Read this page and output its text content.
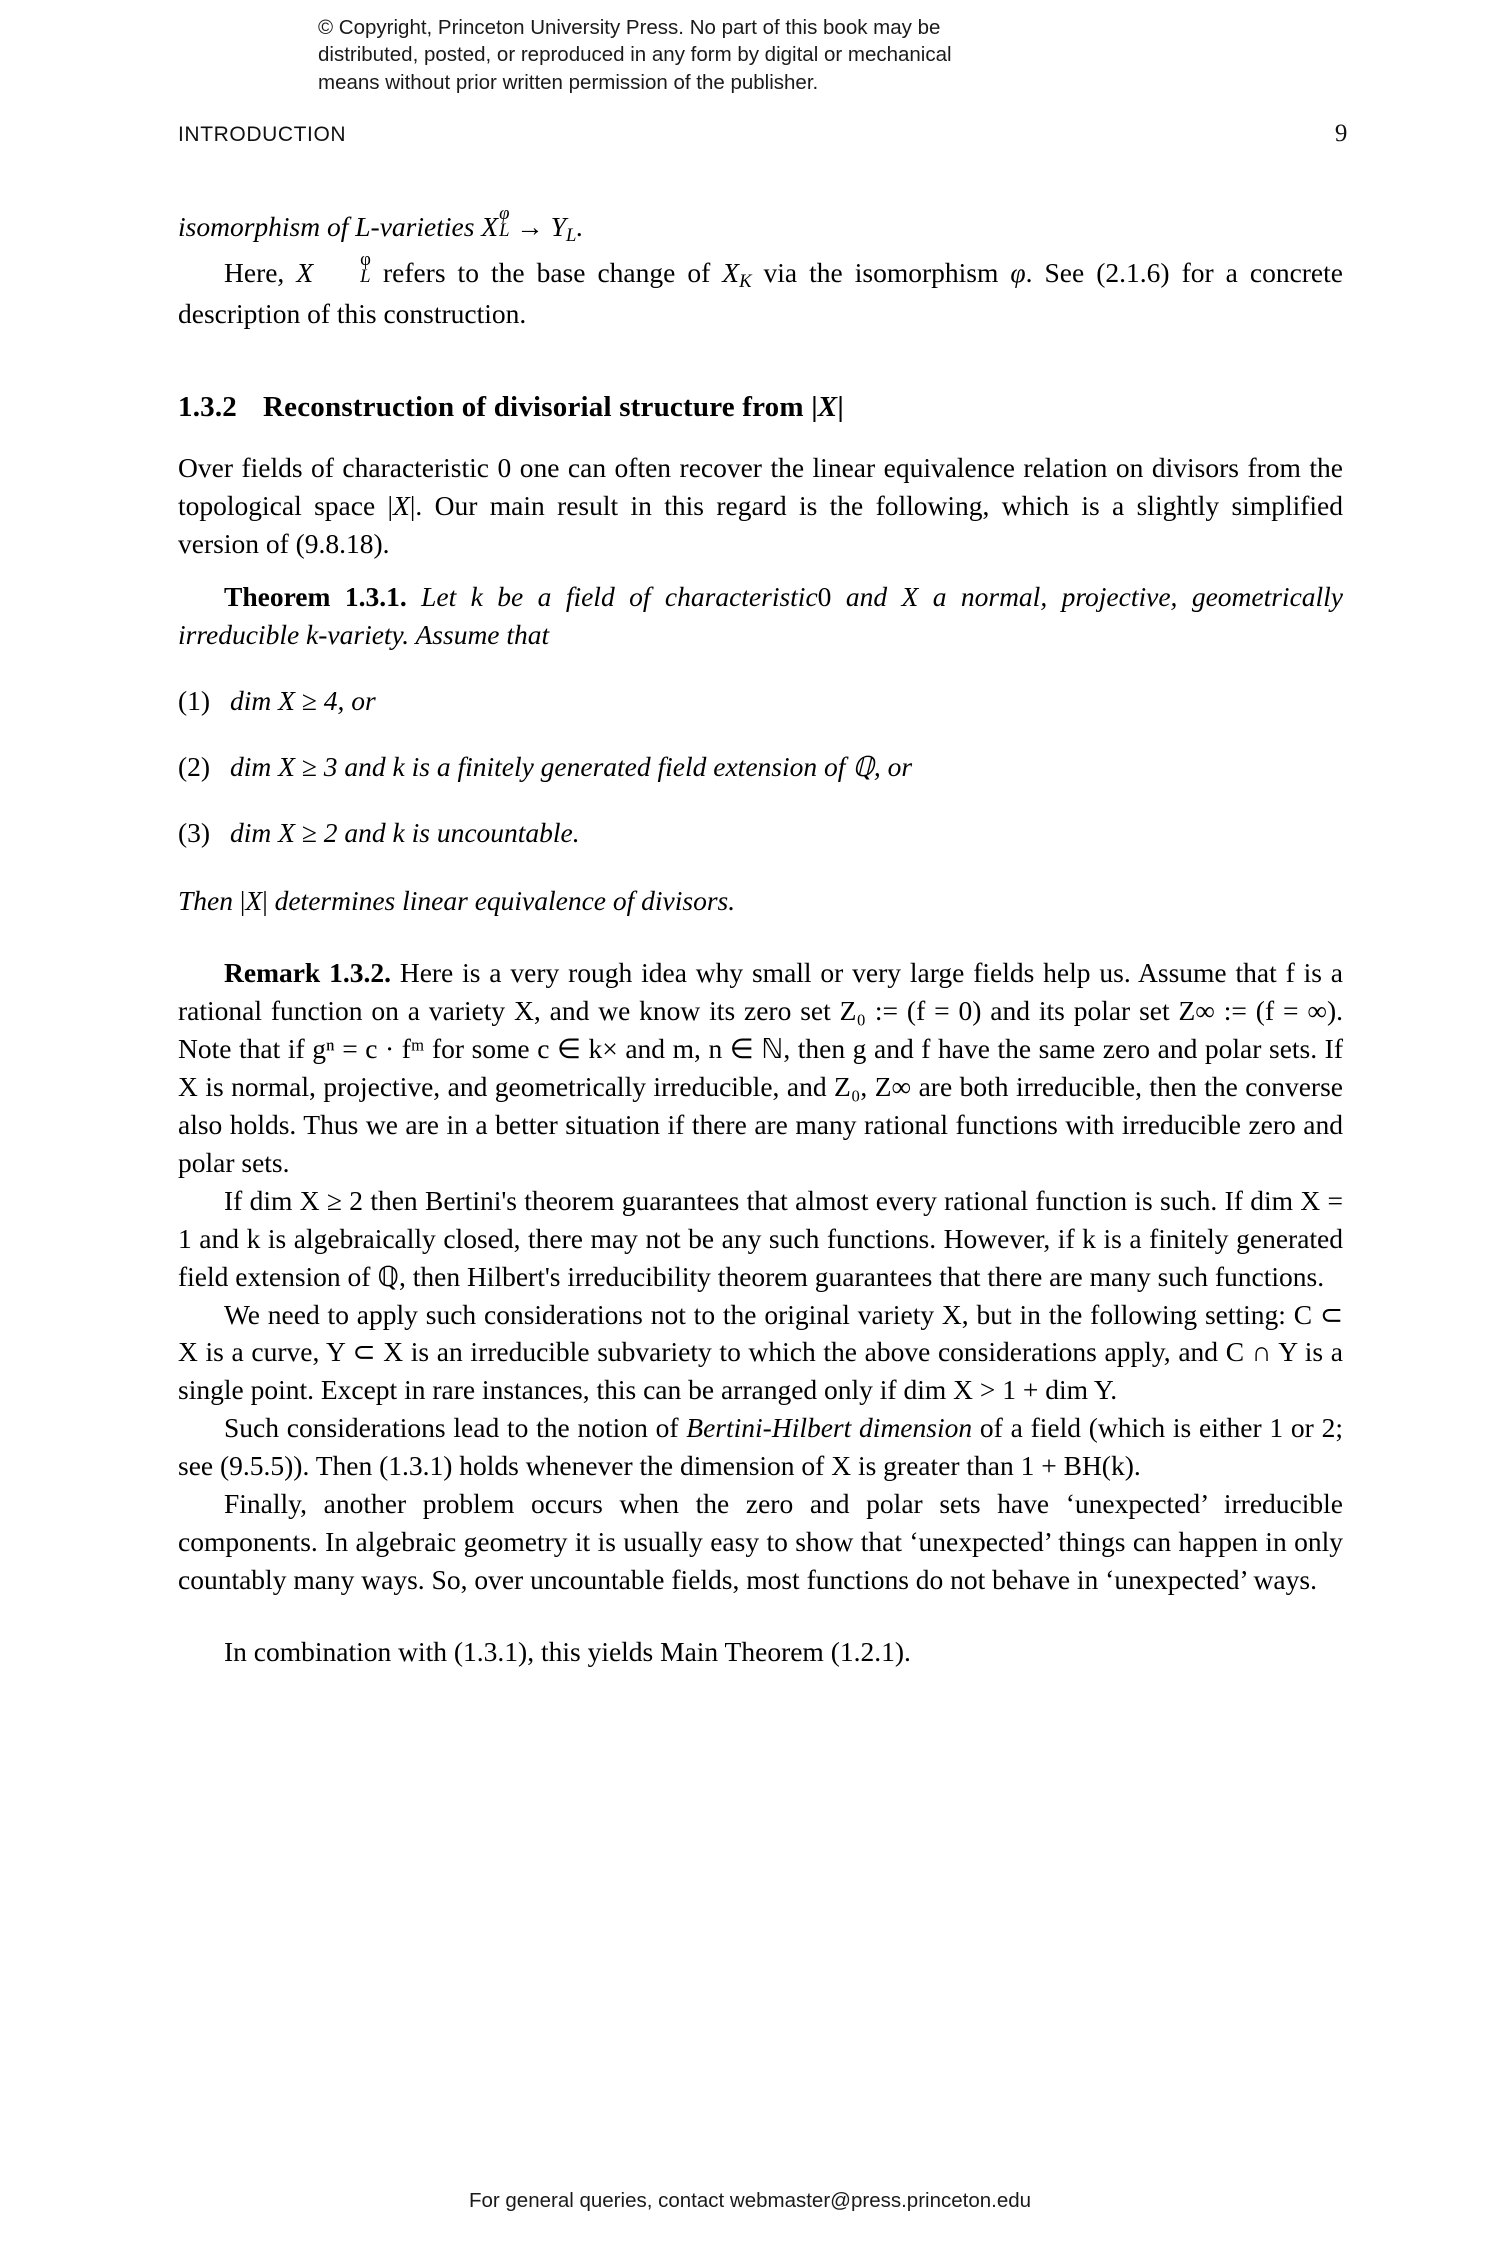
© Copyright, Princeton University Press. No part of this book may be
distributed, posted, or reproduced in any form by digital or mechanical
means without prior written permission of the publisher.
INTRODUCTION	9
isomorphism of L-varieties X φ
$L \to Y_L$.
Here, X	φ
L refers to the base change of $X_K$ via the isomorphism φ. See (2.1.6) for a concrete description of this construction.
1.3.2 Reconstruction of divisorial structure from |X|
Over fields of characteristic 0 one can often recover the linear equivalence relation on divisors from the topological space |X|. Our main result in this regard is the following, which is a slightly simplified version of (9.8.18).
Theorem 1.3.1. Let k be a field of characteristic0 and X a normal, projective, geometrically irreducible k-variety. Assume that
(1) dim X ≥ 4, or
(2) dim X ≥ 3 and k is a finitely generated field extension of ℚ, or
(3) dim X ≥ 2 and k is uncountable.
Then |X| determines linear equivalence of divisors.
Remark 1.3.2. Here is a very rough idea why small or very large fields help us. Assume that f is a rational function on a variety X, and we know its zero set Z₀ := (f = 0) and its polar set Z∞ := (f = ∞). Note that if gⁿ = c · fᵐ for some c ∈ k× and m, n ∈ ℕ, then g and f have the same zero and polar sets. If X is normal, projective, and geometrically irreducible, and Z₀, Z∞ are both irreducible, then the converse also holds. Thus we are in a better situation if there are many rational functions with irreducible zero and polar sets.
If dim X ≥ 2 then Bertini's theorem guarantees that almost every rational function is such. If dim X = 1 and k is algebraically closed, there may not be any such functions. However, if k is a finitely generated field extension of ℚ, then Hilbert's irreducibility theorem guarantees that there are many such functions.
We need to apply such considerations not to the original variety X, but in the following setting: C ⊂ X is a curve, Y ⊂ X is an irreducible subvariety to which the above considerations apply, and C ∩ Y is a single point. Except in rare instances, this can be arranged only if dim X > 1 + dim Y.
Such considerations lead to the notion of Bertini-Hilbert dimension of a field (which is either 1 or 2; see (9.5.5)). Then (1.3.1) holds whenever the dimension of X is greater than 1 + BH(k).
Finally, another problem occurs when the zero and polar sets have ‘unexpected’ irreducible components. In algebraic geometry it is usually easy to show that ‘unexpected’ things can happen in only countably many ways. So, over uncountable fields, most functions do not behave in ‘unexpected’ ways.
In combination with (1.3.1), this yields Main Theorem (1.2.1).
For general queries, contact webmaster@press.princeton.edu
